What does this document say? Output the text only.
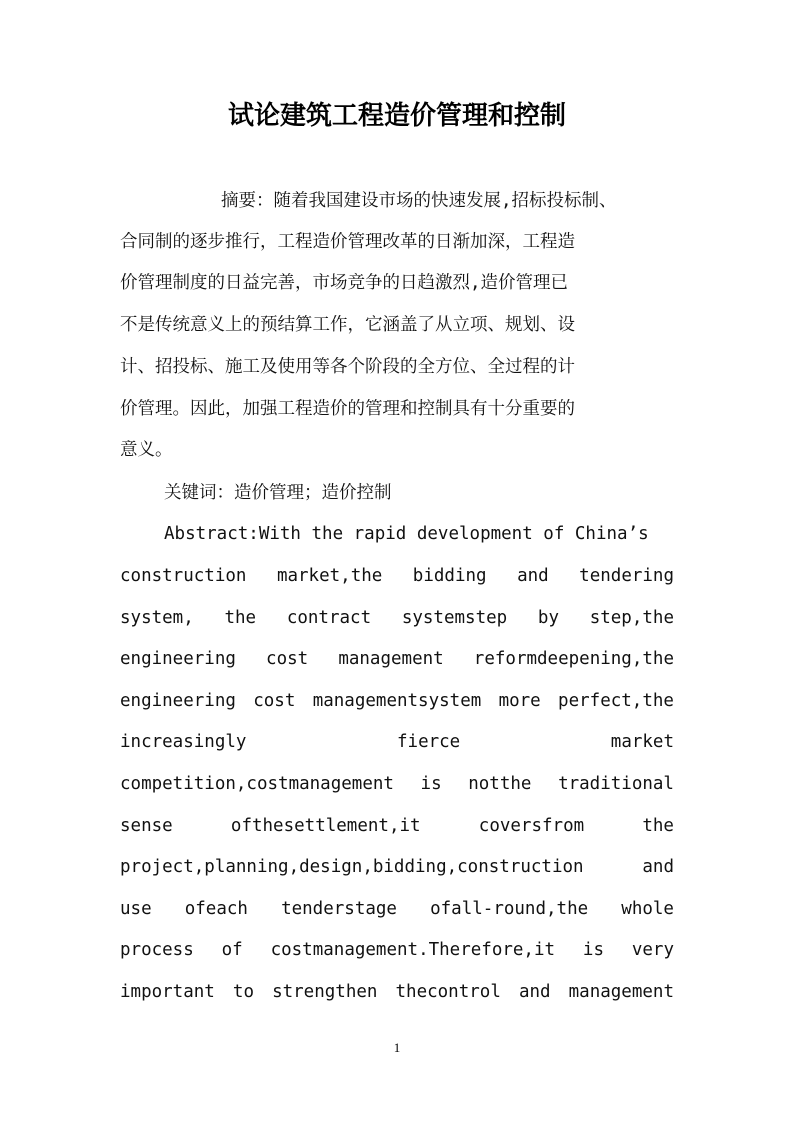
试论建筑工程造价管理和控制
摘要：随着我国建设市场的快速发展,招标投标制、
合同制的逐步推行，工程造价管理改革的日渐加深，工程造
价管理制度的日益完善，市场竞争的日趋激烈,造价管理已
不是传统意义上的预结算工作，它涵盖了从立项、规划、设
计、招投标、施工及使用等各个阶段的全方位、全过程的计
价管理。因此，加强工程造价的管理和控制具有十分重要的
意义。
关键词：造价管理；造价控制
Abstract:With the rapid development of China’s
construction market,the bidding and tendering
system, the contract systemstep by step,the
engineering cost management reformdeepening,the
engineering cost managementsystem more perfect,the
increasingly	fierce	market
competition,costmanagement is notthe traditional
sense	ofthesettlement,it	coversfrom	the
project,planning,design,bidding,construction	and
use ofeach tenderstage ofall-round,the whole
process of costmanagement.Therefore,it is very
important to strengthen thecontrol and management
1
